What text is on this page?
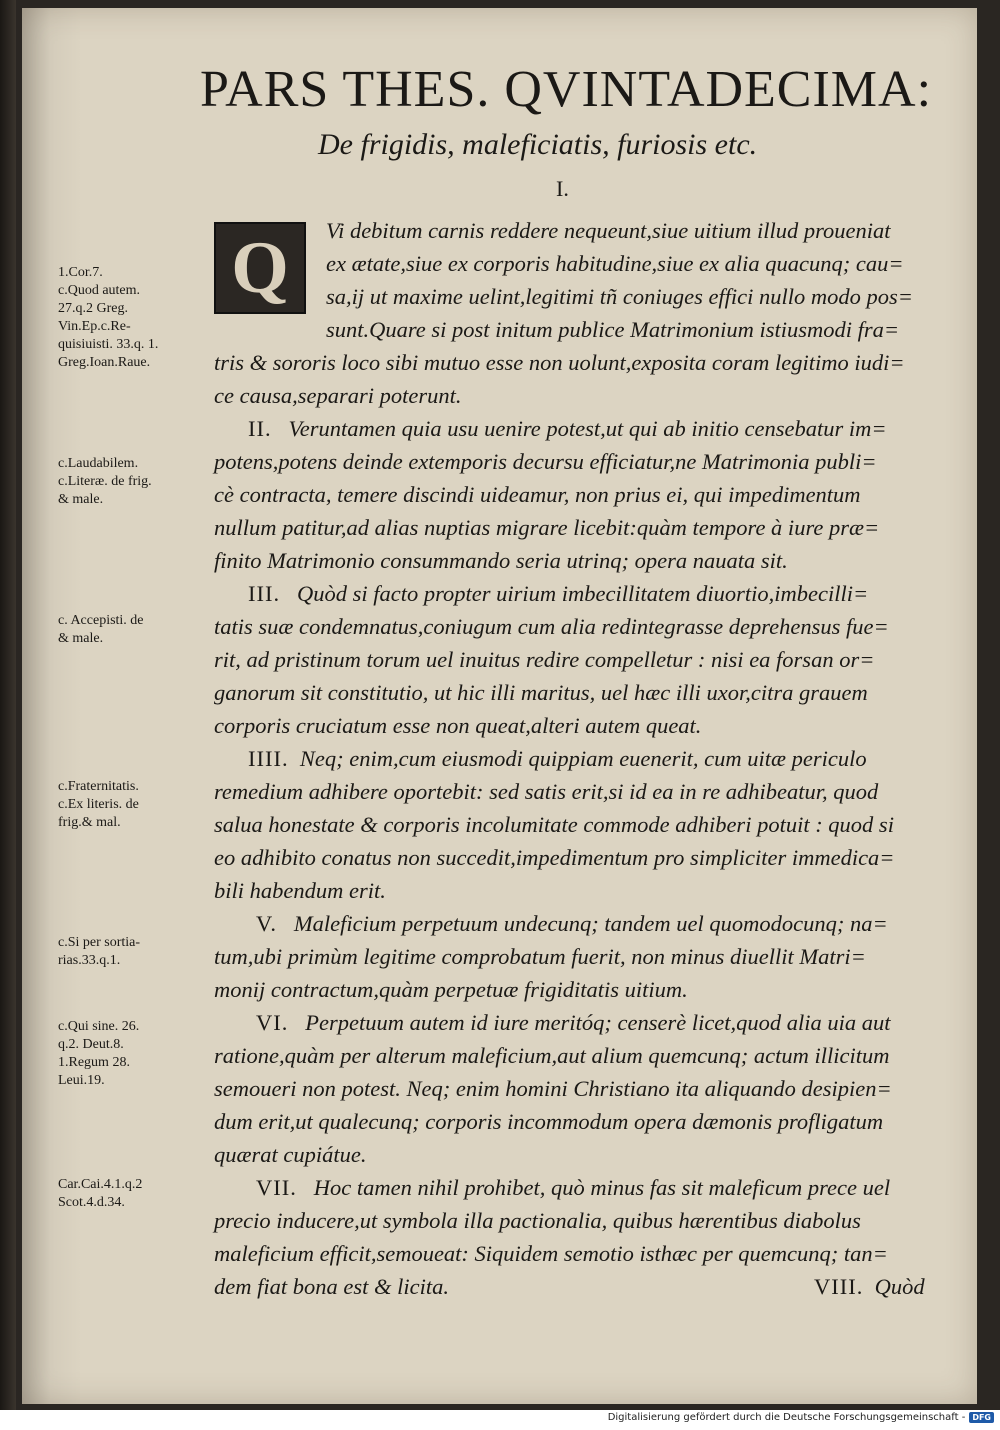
PARS THES. QVINTADECIMA:
De frigidis, maleficiatis, furiosis etc.
I.
Q Vi debitum carnis reddere nequeunt,siue uitium illud proueniat
ex ætate,siue ex corporis habitudine,siue ex alia quacunq; cau=
sa,ij ut maxime uelint,legitimi tñ coniuges effici nullo modo pos=
sunt.Quare si post initum publice Matrimonium istiusmodi fra=
tris & sororis loco sibi mutuo esse non uolunt,exposita coram legitimo iudi=
ce causa,separari poterunt.
II. Veruntamen quia usu uenire potest,ut qui ab initio censebatur im=
potens,potens deinde extemporis decursu efficiatur,ne Matrimonia publi=
cè contracta, temere discindi uideamur, non prius ei, qui impedimentum
nullum patitur,ad alias nuptias migrare licebit:quàm tempore à iure præ=
finito Matrimonio consummando seria utrinq; opera nauata sit.
III. Quòd si facto propter uirium imbecillitatem diuortio,imbecilli=
tatis suæ condemnatus,coniugum cum alia redintegrasse deprehensus fue=
rit, ad pristinum torum uel inuitus redire compelletur : nisi ea forsan or=
ganorum sit constitutio, ut hic illi maritus, uel hæc illi uxor,citra grauem
corporis cruciatum esse non queat,alteri autem queat.
IIII. Neq; enim,cum eiusmodi quippiam euenerit, cum uitæ periculo
remedium adhibere oportebit: sed satis erit,si id ea in re adhibeatur, quod
salua honestate & corporis incolumitate commode adhiberi potuit : quod si
eo adhibito conatus non succedit,impedimentum pro simpliciter immedica=
bili habendum erit.
V. Maleficium perpetuum undecunq; tandem uel quomodocunq; na=
tum,ubi primùm legitime comprobatum fuerit, non minus diuellit Matri=
monij contractum,quàm perpetuæ frigiditatis uitium.
VI. Perpetuum autem id iure meritóq; censerè licet,quod alia uia aut
ratione,quàm per alterum maleficium,aut alium quemcunq; actum illicitum
semoueri non potest. Neq; enim homini Christiano ita aliquando desipien=
dum erit,ut qualecunq; corporis incommodum opera dæmonis profligatum
quærat cupiátue.
VII. Hoc tamen nihil prohibet, quò minus fas sit maleficum prece uel
precio inducere,ut symbola illa pactionalia, quibus hærentibus diabolus
maleficium efficit,semoueat: Siquidem semotio isthæc per quemcunq; tan=
dem fiat bona est & licita.	VIII. Quòd
1.Cor.7.
c.Quod autem.
27.q.2 Greg.
Vin.Ep.c.Re-
quisiuisti. 33.q. 1.
Greg.Ioan.Raue.
c.Laudabilem.
c.Literæ. de frig.
& male.
c. Accepisti. de
& male.
c.Fraternitatis.
c.Ex literis. de
frig.& mal.
c.Si per sortia-
rias.33.q.1.
c.Qui sine. 26.
q.2. Deut.8.
1.Regum 28.
Leui.19.
Car.Cai.4.1.q.2
Scot.4.d.34.
Digitalisierung gefördert durch die Deutsche Forschungsgemeinschaft - DFG
